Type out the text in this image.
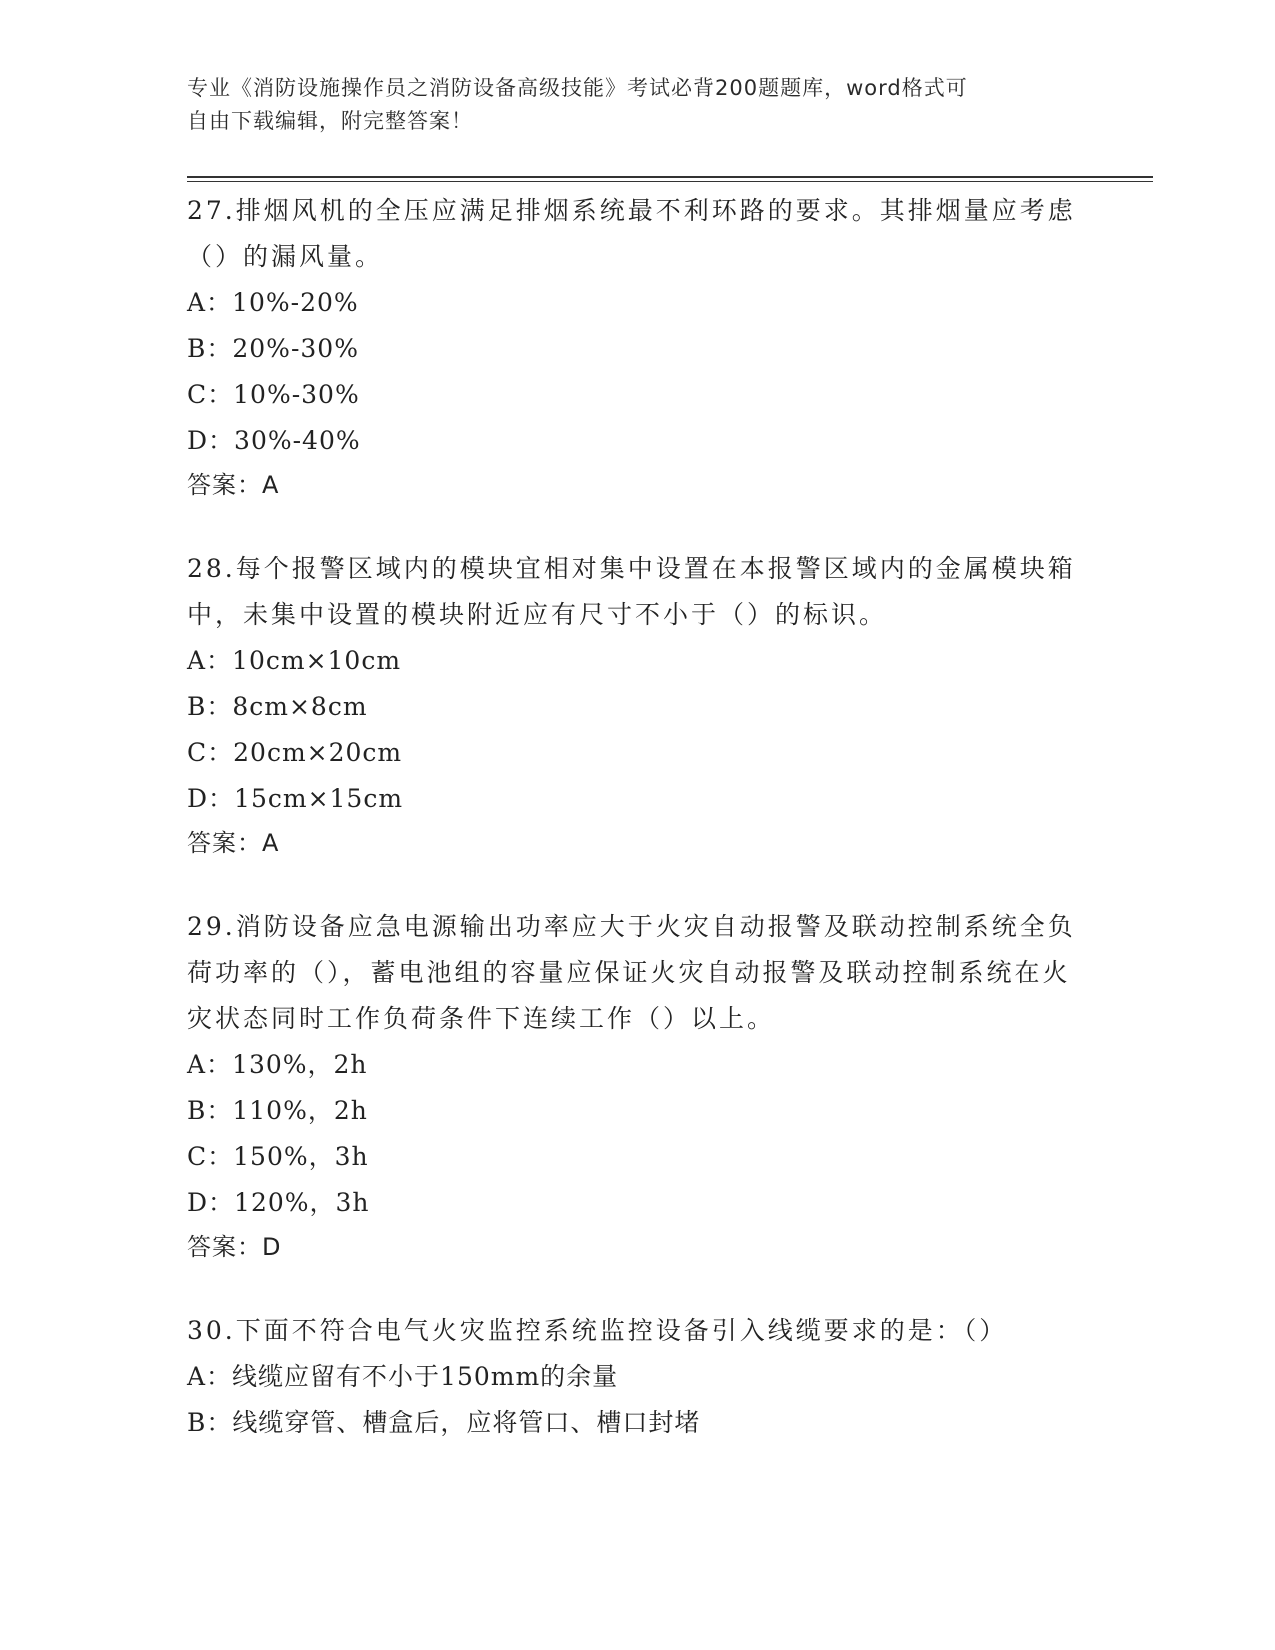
专业《消防设施操作员之消防设备高级技能》考试必背200题题库，word格式可
自由下载编辑，附完整答案！

27.排烟风机的全压应满足排烟系统最不利环路的要求。其排烟量应考虑（）的漏风量。

A：10%-20%

B：20%-30%

C：10%-30%

D：30%-40%

答案：A

28.每个报警区域内的模块宜相对集中设置在本报警区域内的金属模块箱中，未集中设置的模块附近应有尺寸不小于（）的标识。

A：10cm×10cm

B：8cm×8cm

C：20cm×20cm

D：15cm×15cm

答案：A

29.消防设备应急电源输出功率应大于火灾自动报警及联动控制系统全负荷功率的（），蓄电池组的容量应保证火灾自动报警及联动控制系统在火灾状态同时工作负荷条件下连续工作（）以上。

A：130%，2h

B：110%，2h

C：150%，3h

D：120%，3h

答案：D

30.下面不符合电气火灾监控系统监控设备引入线缆要求的是：（）

A：线缆应留有不小于150mm的余量

B：线缆穿管、槽盒后，应将管口、槽口封堵
